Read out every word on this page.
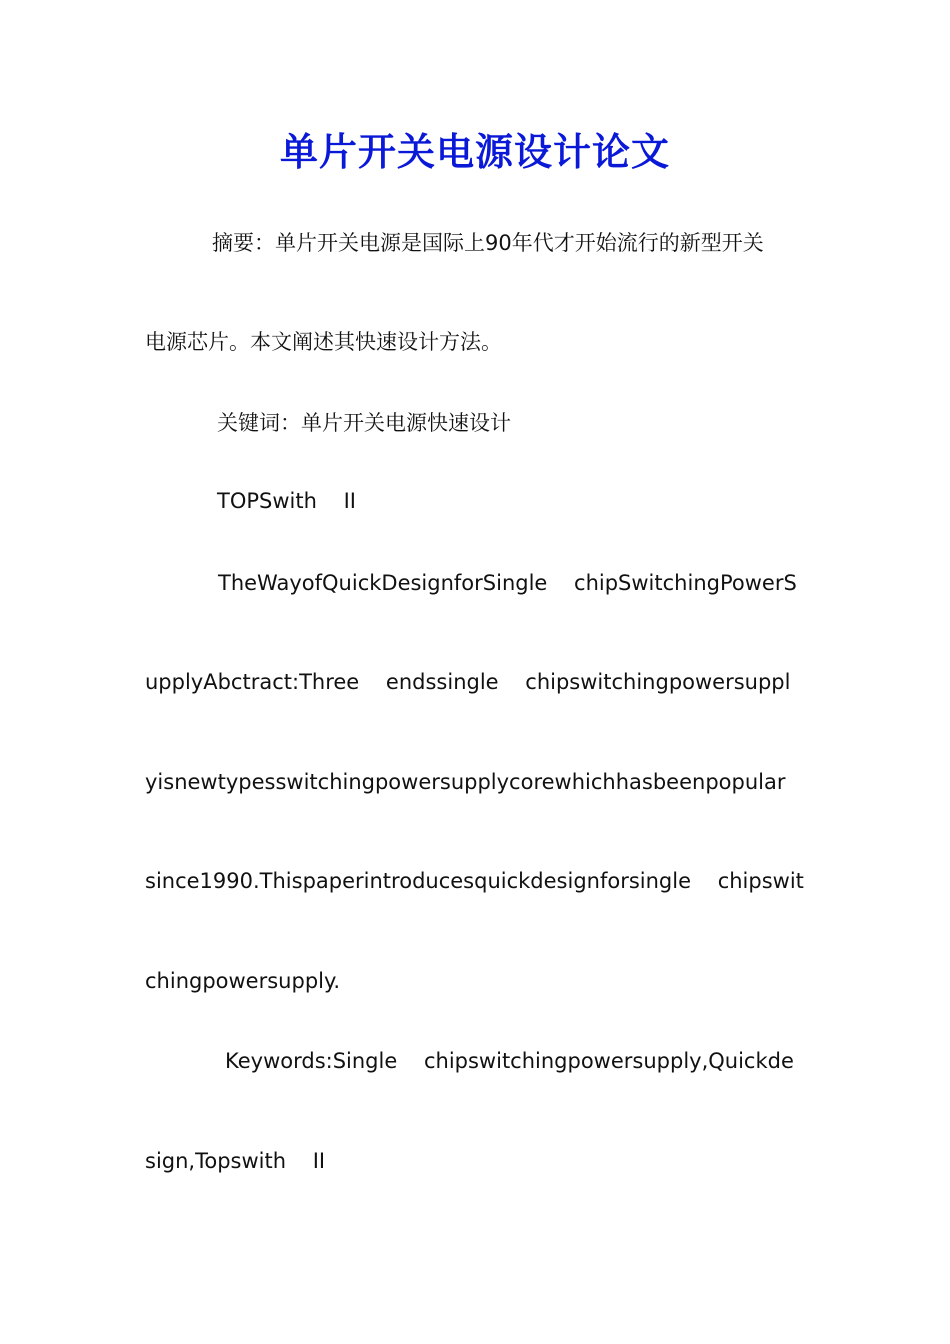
单片开关电源设计论文
摘要：单片开关电源是国际上90年代才开始流行的新型开关
电源芯片。本文阐述其快速设计方法。
关键词：单片开关电源快速设计
TOPSwith    II
TheWayofQuickDesignforSingle    chipSwitchingPowerS
upplyAbctract:Three    endssingle    chipswitchingpowersuppl
yisnewtypesswitchingpowersupplycorewhichhasbeenpopular
since1990.Thispaperintroducesquickdesignforsingle    chipswit
chingpowersupply.
Keywords:Single    chipswitchingpowersupply,Quickde
sign,Topswith    II
